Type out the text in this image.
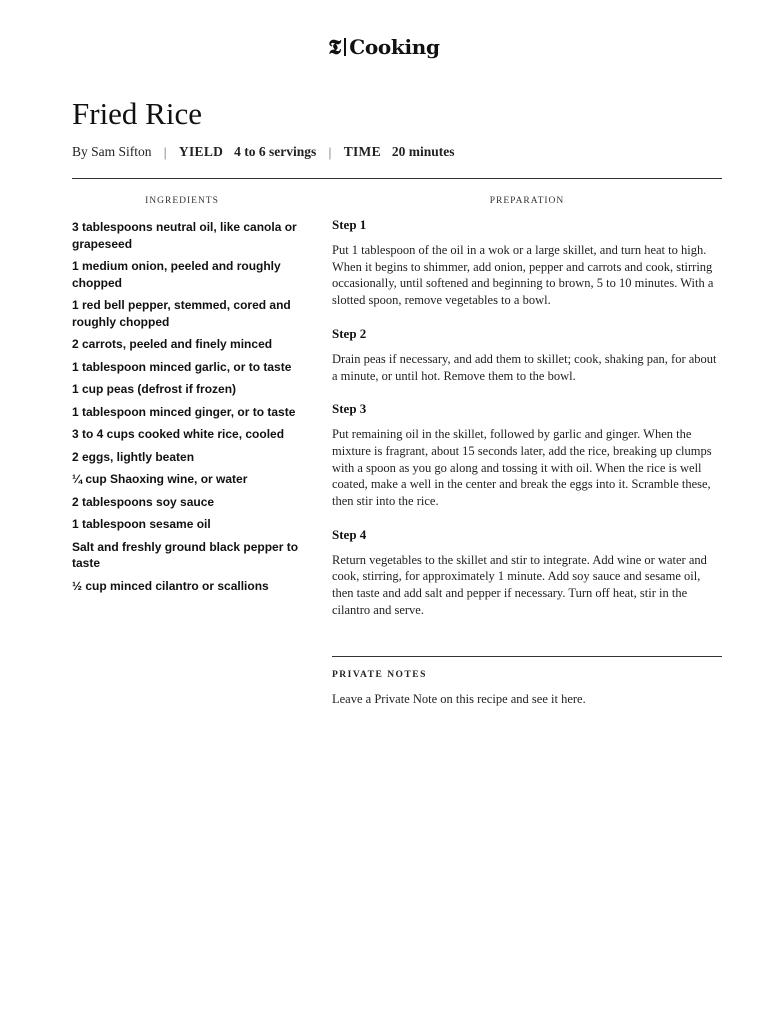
𝕿 Cooking
Fried Rice
By Sam Sifton | YIELD 4 to 6 servings | TIME 20 minutes
INGREDIENTS	PREPARATION
3 tablespoons neutral oil, like canola or grapeseed
1 medium onion, peeled and roughly chopped
1 red bell pepper, stemmed, cored and roughly chopped
2 carrots, peeled and finely minced
1 tablespoon minced garlic, or to taste
1 cup peas (defrost if frozen)
1 tablespoon minced ginger, or to taste
3 to 4 cups cooked white rice, cooled
2 eggs, lightly beaten
¼ cup Shaoxing wine, or water
2 tablespoons soy sauce
1 tablespoon sesame oil
Salt and freshly ground black pepper to taste
½ cup minced cilantro or scallions

Step 1

Put 1 tablespoon of the oil in a wok or a large skillet, and turn heat to high. When it begins to shimmer, add onion, pepper and carrots and cook, stirring occasionally, until softened and beginning to brown, 5 to 10 minutes. With a slotted spoon, remove vegetables to a bowl.

Step 2

Drain peas if necessary, and add them to skillet; cook, shaking pan, for about a minute, or until hot. Remove them to the bowl.

Step 3

Put remaining oil in the skillet, followed by garlic and ginger. When the mixture is fragrant, about 15 seconds later, add the rice, breaking up clumps with a spoon as you go along and tossing it with oil. When the rice is well coated, make a well in the center and break the eggs into it. Scramble these, then stir into the rice.

Step 4

Return vegetables to the skillet and stir to integrate. Add wine or water and cook, stirring, for approximately 1 minute. Add soy sauce and sesame oil, then taste and add salt and pepper if necessary. Turn off heat, stir in the cilantro and serve.

PRIVATE NOTES

Leave a Private Note on this recipe and see it here.
